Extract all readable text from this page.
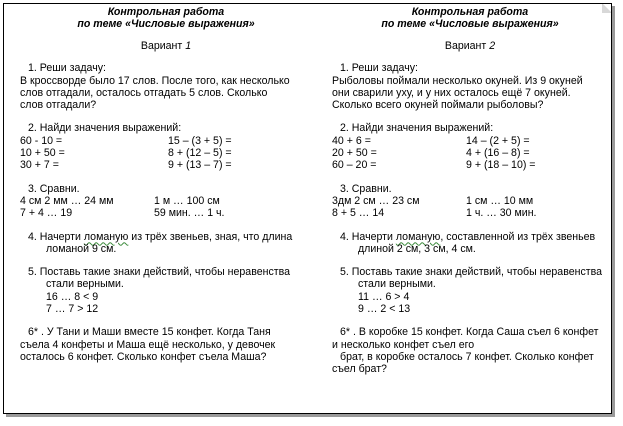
Контрольная работа
по теме «Числовые выражения»
Вариант 1
1. Реши задачу:
В кроссворде было 17 слов. После того, как несколько
слов отгадали, осталось отгадать 5 слов. Сколько
слов отгадали?
2. Найди значения выражений:
60 - 10 =	15 – (3 + 5) =
10 + 50 =	8 + (12 – 5) =
30 + 7 =	9 + (13 – 7) =
3. Сравни.
4 см 2 мм … 24 мм	1 м … 100 см
7 + 4 … 19	59 мин. … 1 ч.
4. Начерти ломаную из трёх звеньев, зная, что длина
ломаной 9 см.
5. Поставь такие знаки действий, чтобы неравенства
стали верными.
16 … 8 < 9
7 … 7 > 12
6* . У Тани и Маши вместе 15 конфет. Когда Таня
съела 4 конфеты и Маша ещё несколько, у девочек
осталось 6 конфет. Сколько конфет съела Маша?
Контрольная работа
по теме «Числовые выражения»
Вариант 2
1. Реши задачу:
Рыболовы поймали несколько окуней. Из 9 окуней
они сварили уху, и у них осталось ещё 7 окуней.
Сколько всего окуней поймали рыболовы?
2. Найди значения выражений:
40 + 6 =	14 – (2 + 5) =
20 + 50 =	4 + (16 – 8) =
60 – 20 =	9 + (18 – 10) =
3. Сравни.
3дм 2 см … 23 см	1 см … 10 мм
8 + 5 … 14	1 ч. … 30 мин.
4. Начерти ломаную, составленной из трёх звеньев
длиной 2 см, 3 см, 4 см.
5. Поставь такие знаки действий, чтобы неравенства
стали верными.
11 … 6 > 4
9 … 2 < 13
6* . В коробке 15 конфет. Когда Саша съел 6 конфет
и несколько конфет съел его
брат, в коробке осталось 7 конфет. Сколько конфет
съел брат?
